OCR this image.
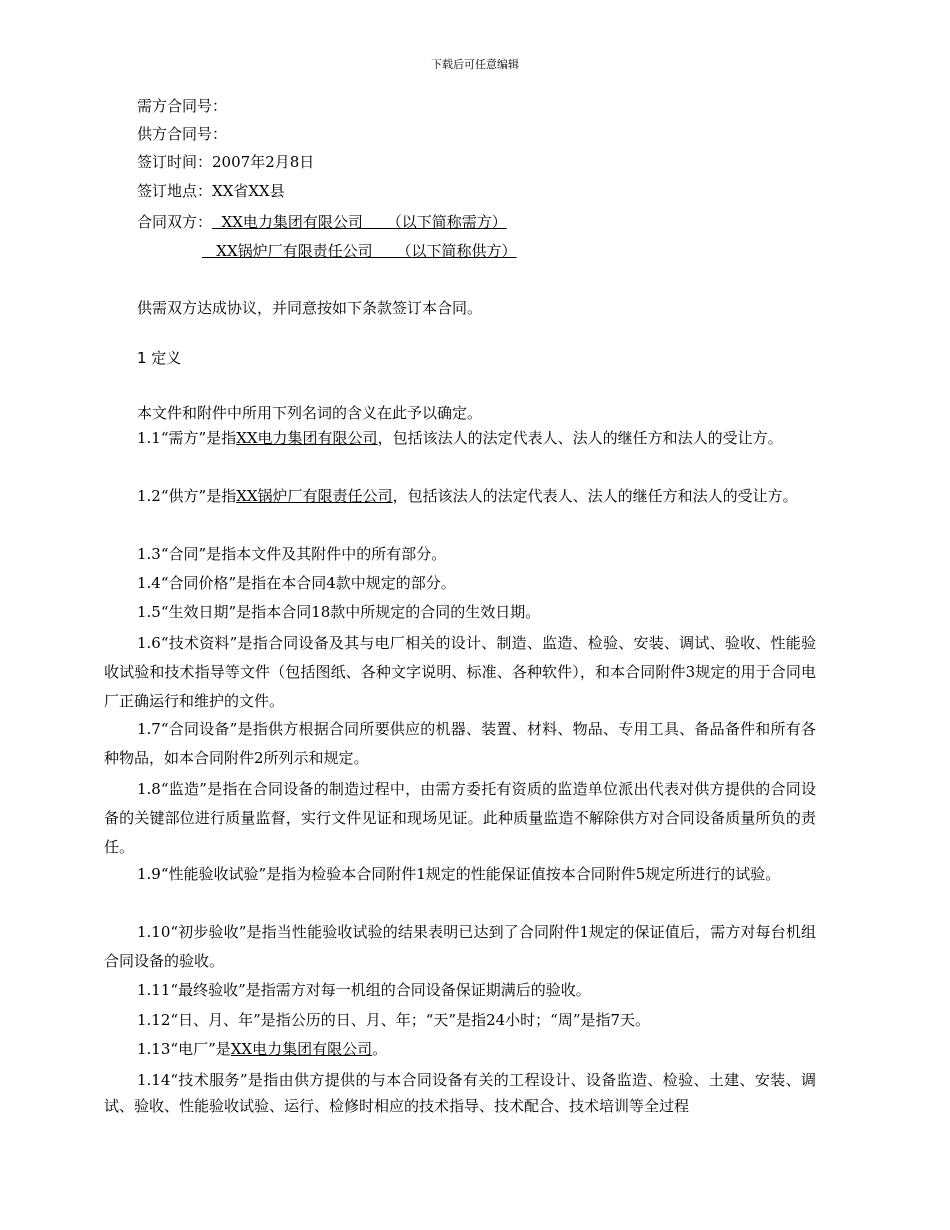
下载后可任意编辑
需方合同号：
供方合同号：
签订时间：2007年2月8日
签订地点：XX省XX县
合同双方：  XX电力集团有限公司     （以下简称需方）
XX锅炉厂有限责任公司     （以下简称供方）
供需双方达成协议，并同意按如下条款签订本合同。
1 定义
本文件和附件中所用下列名词的含义在此予以确定。
1.1“需方”是指XX电力集团有限公司，包括该法人的法定代表人、法人的继任方和法人的受让方。
1.2“供方”是指XX锅炉厂有限责任公司，包括该法人的法定代表人、法人的继任方和法人的受让方。
1.3“合同”是指本文件及其附件中的所有部分。
1.4“合同价格”是指在本合同4款中规定的部分。
1.5“生效日期”是指本合同18款中所规定的合同的生效日期。
1.6“技术资料”是指合同设备及其与电厂相关的设计、制造、监造、检验、安装、调试、验收、性能验收试验和技术指导等文件（包括图纸、各种文字说明、标准、各种软件），和本合同附件3规定的用于合同电厂正确运行和维护的文件。
1.7“合同设备”是指供方根据合同所要供应的机器、装置、材料、物品、专用工具、备品备件和所有各种物品，如本合同附件2所列示和规定。
1.8“监造”是指在合同设备的制造过程中，由需方委托有资质的监造单位派出代表对供方提供的合同设备的关键部位进行质量监督，实行文件见证和现场见证。此种质量监造不解除供方对合同设备质量所负的责任。
1.9“性能验收试验”是指为检验本合同附件1规定的性能保证值按本合同附件5规定所进行的试验。
1.10“初步验收”是指当性能验收试验的结果表明已达到了合同附件1规定的保证值后，需方对每台机组合同设备的验收。
1.11“最终验收”是指需方对每一机组的合同设备保证期满后的验收。
1.12“日、月、年”是指公历的日、月、年；“天”是指24小时；“周”是指7天。
1.13“电厂”是XX电力集团有限公司。
1.14“技术服务”是指由供方提供的与本合同设备有关的工程设计、设备监造、检验、土建、安装、调试、验收、性能验收试验、运行、检修时相应的技术指导、技术配合、技术培训等全过程
